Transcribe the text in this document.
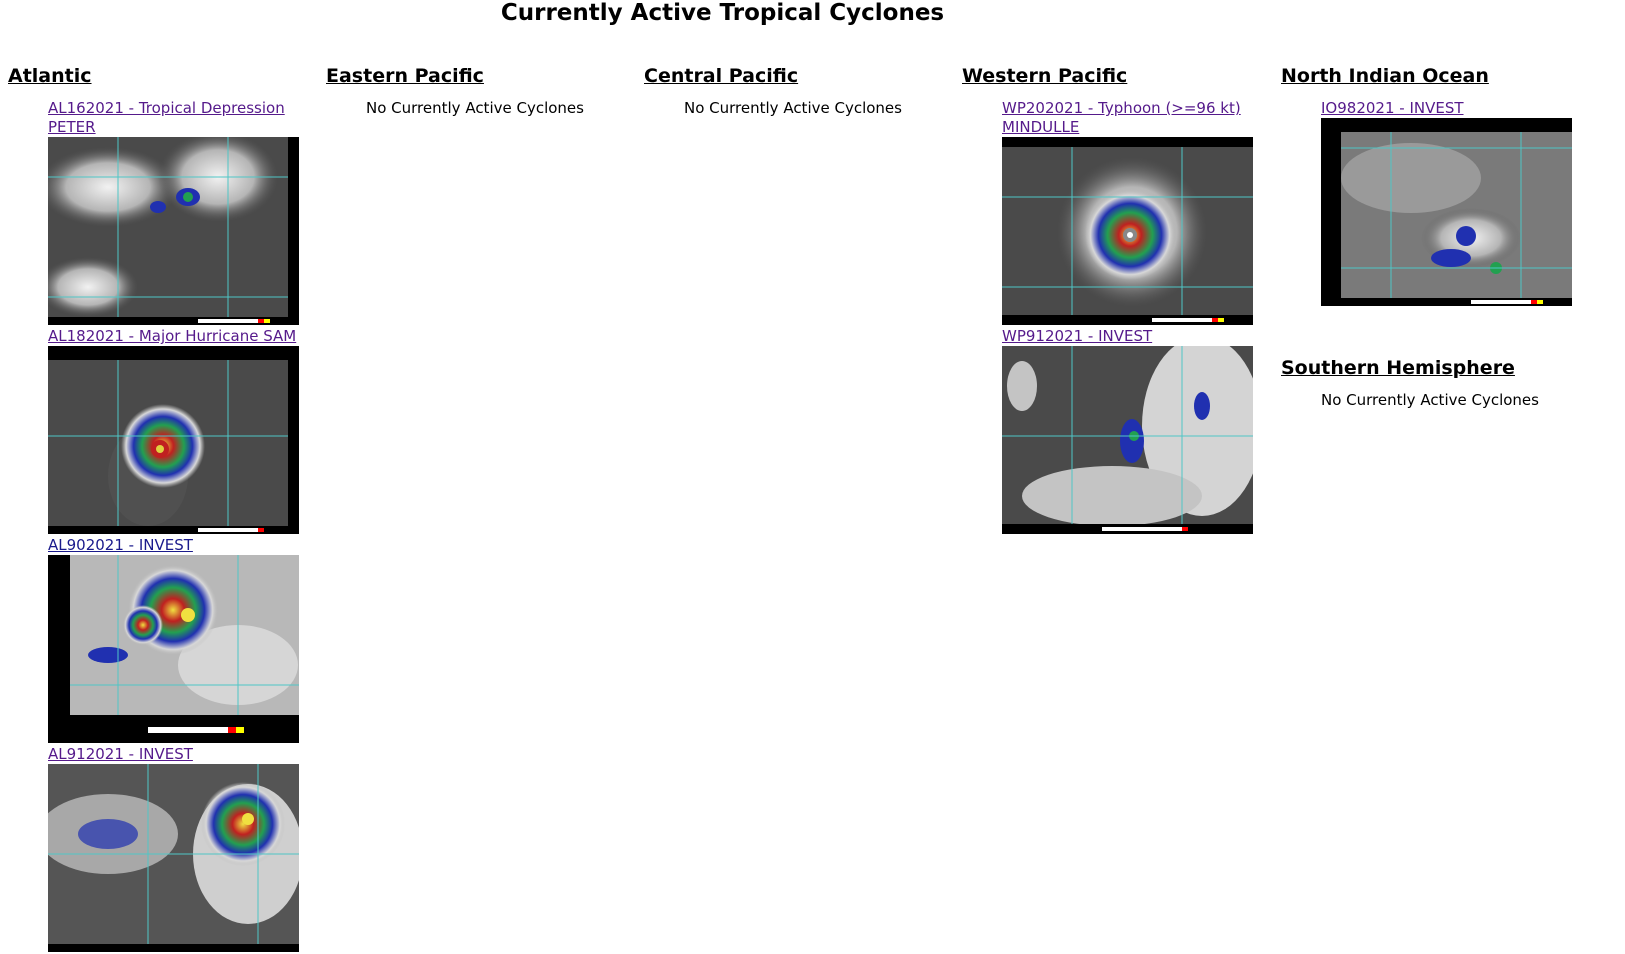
Currently Active Tropical Cyclones
Atlantic
AL162021 - Tropical Depression PETER
AL182021 - Major Hurricane SAM
AL902021 - INVEST
AL912021 - INVEST
Eastern Pacific
No Currently Active Cyclones
Central Pacific
No Currently Active Cyclones
Western Pacific
WP202021 - Typhoon (>=96 kt) MINDULLE
WP912021 - INVEST
North Indian Ocean
IO982021 - INVEST
Southern Hemisphere
No Currently Active Cyclones
